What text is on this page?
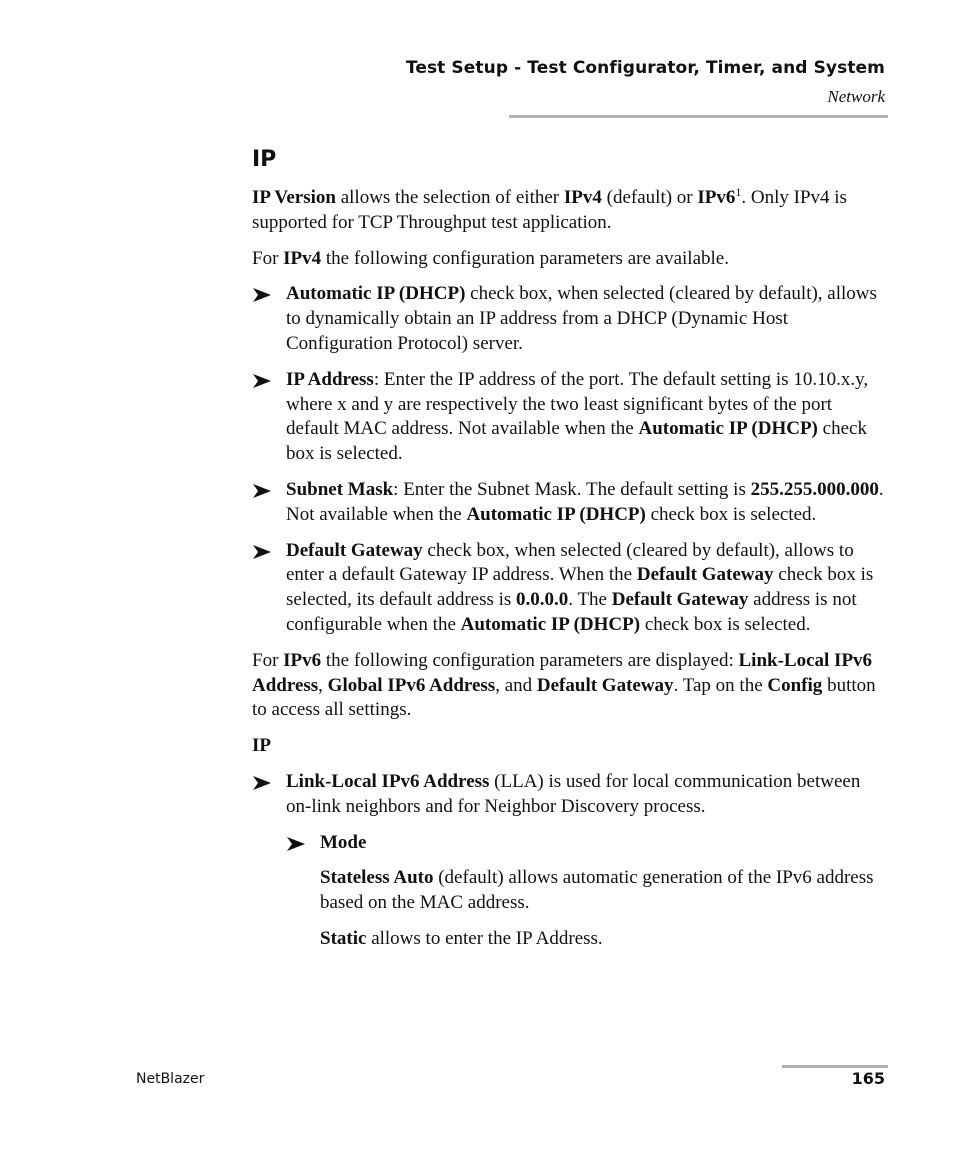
Test Setup - Test Configurator, Timer, and System
Network
IP

IP Version allows the selection of either IPv4 (default) or $IPv6^1$. Only IPv4 is supported for TCP Throughput test application.

For IPv4 the following configuration parameters are available.

Automatic IP (DHCP) check box, when selected (cleared by default), allows to dynamically obtain an IP address from a DHCP (Dynamic Host Configuration Protocol) server.
IP Address: Enter the IP address of the port. The default setting is 10.10.x.y, where x and y are respectively the two least significant bytes of the port default MAC address. Not available when the Automatic IP (DHCP) check box is selected.
Subnet Mask: Enter the Subnet Mask. The default setting is 255.255.000.000. Not available when the Automatic IP (DHCP) check box is selected.
Default Gateway check box, when selected (cleared by default), allows to enter a default Gateway IP address. When the Default Gateway check box is selected, its default address is 0.0.0.0. The Default Gateway address is not configurable when the Automatic IP (DHCP) check box is selected.

For IPv6 the following configuration parameters are displayed: Link-Local IPv6 Address, Global IPv6 Address, and Default Gateway. Tap on the Config button to access all settings.

IP

Link-Local IPv6 Address (LLA) is used for local communication between on-link neighbors and for Neighbor Discovery process.
Mode

Stateless Auto (default) allows automatic generation of the IPv6 address based on the MAC address.

Static allows to enter the IP Address.

NetBlazer	165
